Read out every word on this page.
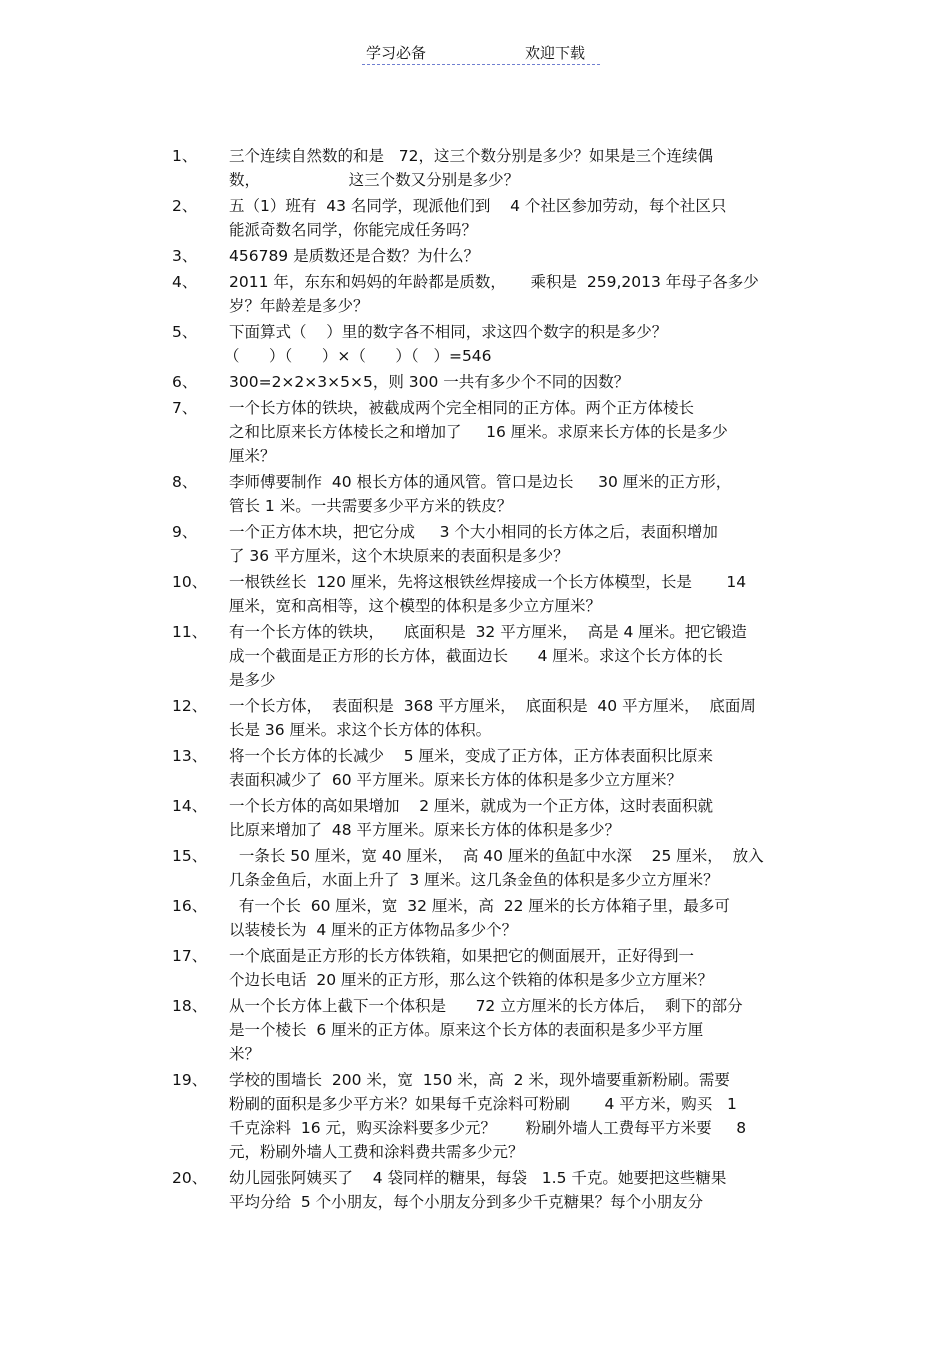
学习必备	欢迎下载
1、 三个连续自然数的和是   72，这三个数分别是多少？如果是三个连续偶
数，                  这三个数又分别是多少？
2、 五（1）班有  43 名同学，现派他们到    4 个社区参加劳动，每个社区只
能派奇数名同学，你能完成任务吗？
3、 456789 是质数还是合数？为什么？
4、 2011 年，东东和妈妈的年龄都是质数，     乘积是  259,2013 年母子各多少
岁？年龄差是多少？
5、 下面算式（    ）里的数字各不相同，求这四个数字的积是多少？
（      ）（      ）×（      ）（   ）=546
6、 300=2×2×3×5×5，则 300 一共有多少个不同的因数？
7、 一个长方体的铁块，被截成两个完全相同的正方体。两个正方体棱长
之和比原来长方体棱长之和增加了     16 厘米。求原来长方体的长是多少
厘米？
8、 李师傅要制作  40 根长方体的通风管。管口是边长     30 厘米的正方形，
管长 1 米。一共需要多少平方米的铁皮？
9、 一个正方体木块，把它分成     3 个大小相同的长方体之后，表面积增加
了 36 平方厘米，这个木块原来的表面积是多少？
10、 一根铁丝长  120 厘米，先将这根铁丝焊接成一个长方体模型，长是       14
厘米，宽和高相等，这个模型的体积是多少立方厘米？
11、 有一个长方体的铁块，    底面积是  32 平方厘米，  高是 4 厘米。把它锻造
成一个截面是正方形的长方体，截面边长      4 厘米。求这个长方体的长
是多少
12、 一个长方体，  表面积是  368 平方厘米，  底面积是  40 平方厘米，  底面周
长是 36 厘米。求这个长方体的体积。
13、 将一个长方体的长减少    5 厘米，变成了正方体，正方体表面积比原来
表面积减少了  60 平方厘米。原来长方体的体积是多少立方厘米？
14、 一个长方体的高如果增加    2 厘米，就成为一个正方体，这时表面积就
比原来增加了  48 平方厘米。原来长方体的体积是多少？
15、 一条长 50 厘米，宽 40 厘米，  高 40 厘米的鱼缸中水深    25 厘米，  放入
几条金鱼后，水面上升了  3 厘米。这几条金鱼的体积是多少立方厘米？
16、 有一个长  60 厘米，宽  32 厘米，高  22 厘米的长方体箱子里，最多可
以装棱长为  4 厘米的正方体物品多少个？
17、 一个底面是正方形的长方体铁箱，如果把它的侧面展开，正好得到一
个边长电话  20 厘米的正方形，那么这个铁箱的体积是多少立方厘米？
18、 从一个长方体上截下一个体积是      72 立方厘米的长方体后，  剩下的部分
是一个棱长  6 厘米的正方体。原来这个长方体的表面积是多少平方厘
米？
19、 学校的围墙长  200 米，宽  150 米，高  2 米，现外墙要重新粉刷。需要
粉刷的面积是多少平方米？如果每千克涂料可粉刷       4 平方米，购买   1
千克涂料  16 元，购买涂料要多少元？      粉刷外墙人工费每平方米要     8
元，粉刷外墙人工费和涂料费共需多少元？
20、 幼儿园张阿姨买了    4 袋同样的糖果，每袋   1.5 千克。她要把这些糖果
平均分给  5 个小朋友，每个小朋友分到多少千克糖果？每个小朋友分
